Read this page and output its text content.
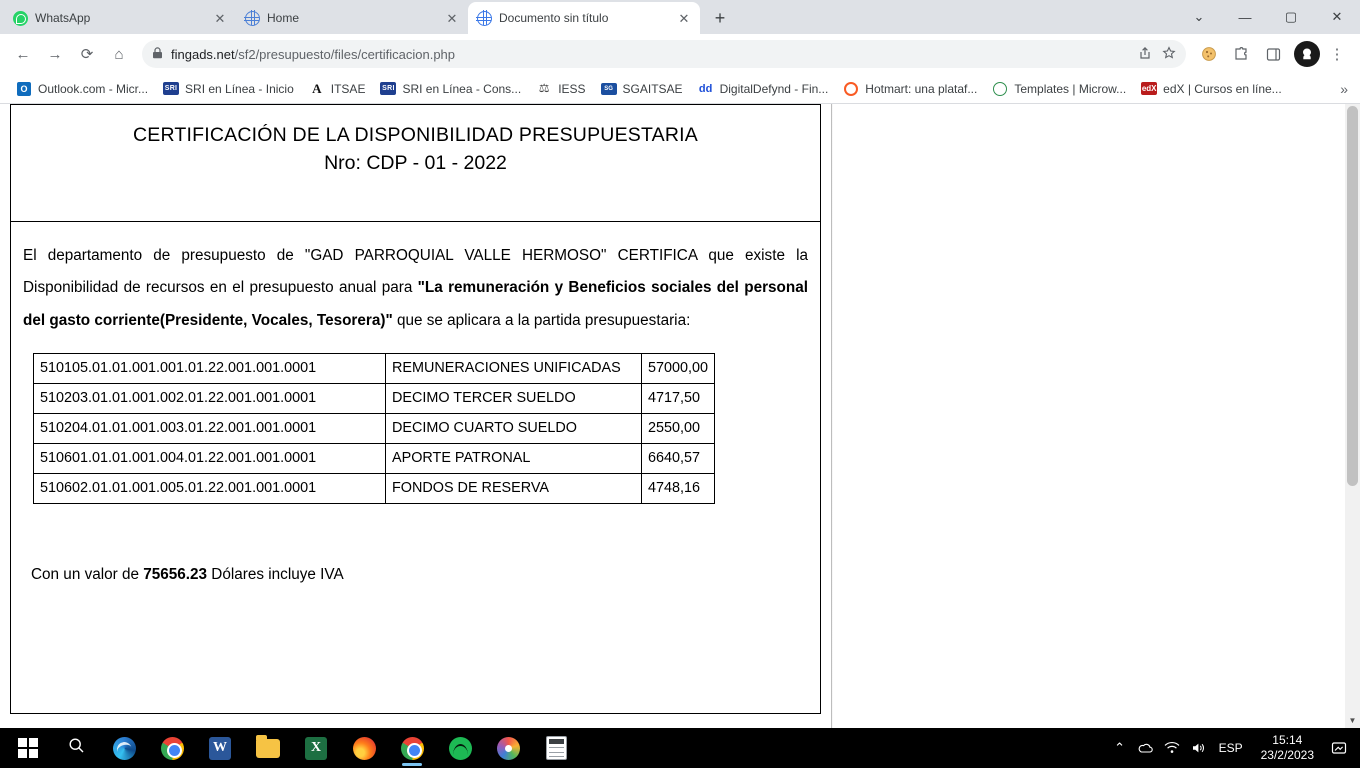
WhatsApp	✕	Home	✕	Documento sin título	✕	+	⌄	—	▢	✕
←	→	⟳	⌂	fingads.net/sf2/presupuesto/files/certificacion.php	⋮
O Outlook.com - Micr... SRI SRI en Línea - Inicio A ITSAE SRI SRI en Línea - Cons... ⚖ IESS	SG SGAITSAE dd DigitalDefynd - Fin...	Hotmart: una plataf...	Templates | Microw... edX edX | Cursos en líne...	»
CERTIFICACIÓN DE LA DISPONIBILIDAD PRESUPUESTARIA
Nro: CDP - 01 - 2022

El departamento de presupuesto de "GAD PARROQUIAL VALLE HERMOSO" CERTIFICA que existe la Disponibilidad de recursos en el presupuesto anual para "La remuneración y Beneficios sociales del personal del gasto corriente(Presidente, Vocales, Tesorera)" que se aplicara a la partida presupuestaria:

510105.01.01.001.001.01.22.001.001.0001	REMUNERACIONES UNIFICADAS	57000,00
510203.01.01.001.002.01.22.001.001.0001	DECIMO TERCER SUELDO	4717,50
510204.01.01.001.003.01.22.001.001.0001	DECIMO CUARTO SUELDO	2550,00
510601.01.01.001.004.01.22.001.001.0001	APORTE PATRONAL	6640,57
510602.01.01.001.005.01.22.001.001.0001	FONDOS DE RESERVA	4748,16
Con un valor de 75656.23 Dólares incluye IVA
▼
W	X	⌃	ESP
15:14
23/2/2023
